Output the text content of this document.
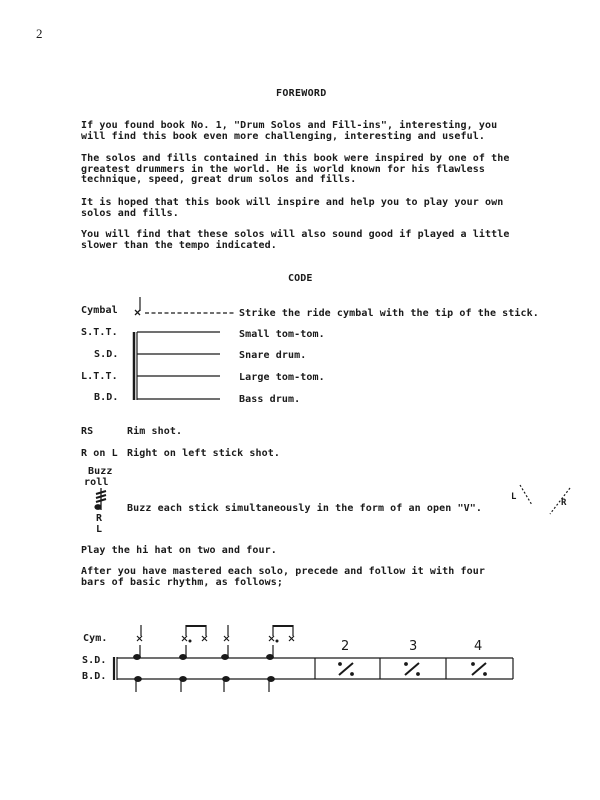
2
FOREWORD
If you found book No. 1, "Drum Solos and Fill-ins", interesting, you
will find this book even more challenging, interesting and useful.
The solos and fills contained in this book were inspired by one of the
greatest drummers in the world. He is world known for his flawless
technique, speed, great drum solos and fills.
It is hoped that this book will inspire and help you to play your own
solos and fills.
You will find that these solos will also sound good if played a little
slower than the tempo indicated.
CODE
Cymbal	Strike the ride cymbal with the tip of the stick.
S.T.T.	Small tom-tom.
S.D.	Snare drum.
L.T.T.	Large tom-tom.
B.D.	Bass drum.
RS	Rim shot.
R on L Right on left stick shot.
Buzz
roll
R
L
Buzz each stick simultaneously in the form of an open "V".
L
R
Play the hi hat on two and four.
After you have mastered each solo, precede and follow it with four
bars of basic rhythm, as follows;
Cym.
S.D.
B.D.
2	3	4
